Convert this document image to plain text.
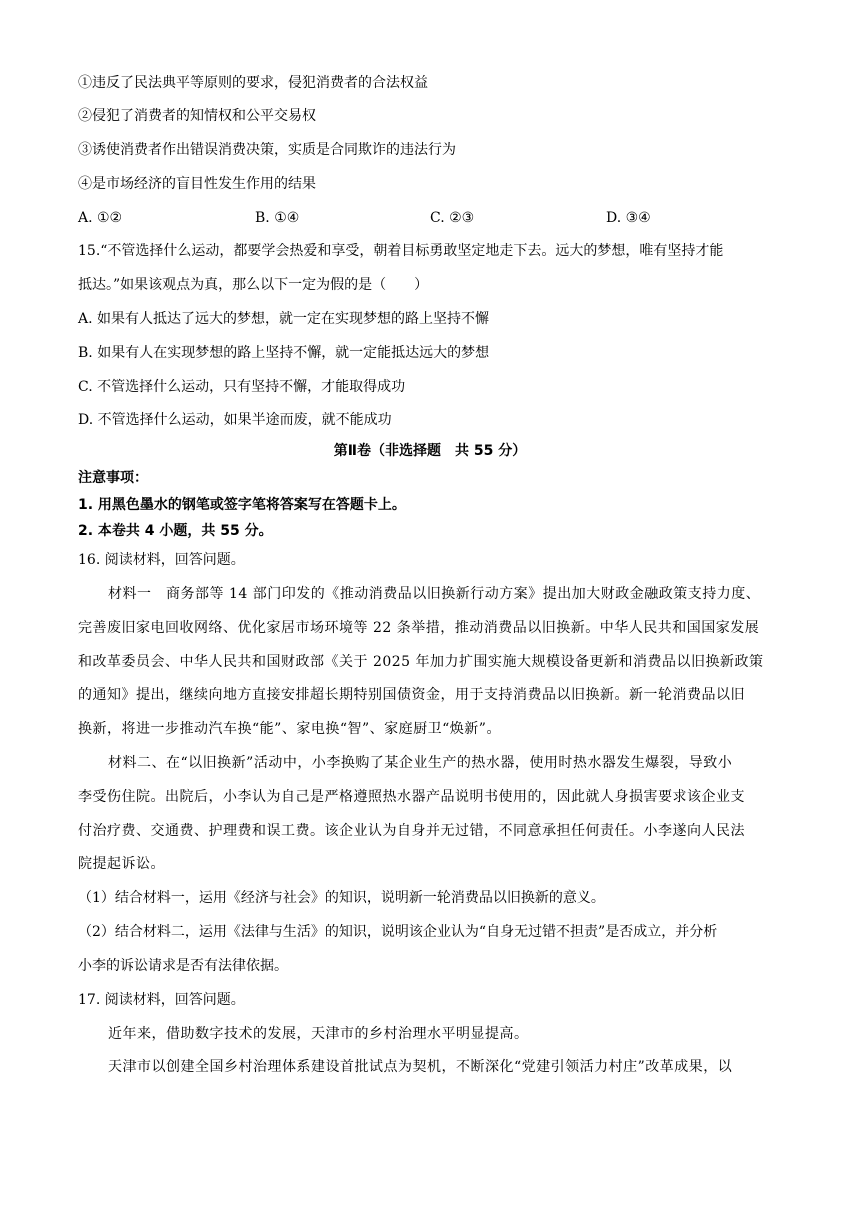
①违反了民法典平等原则的要求，侵犯消费者的合法权益
②侵犯了消费者的知情权和公平交易权
③诱使消费者作出错误消费决策，实质是合同欺诈的违法行为
④是市场经济的盲目性发生作用的结果
A. ①②	B. ①④	C. ②③	D. ③④
15.“不管选择什么运动，都要学会热爱和享受，朝着目标勇敢坚定地走下去。远大的梦想，唯有坚持才能
抵达。”如果该观点为真，那么以下一定为假的是（　　）
A. 如果有人抵达了远大的梦想，就一定在实现梦想的路上坚持不懈
B. 如果有人在实现梦想的路上坚持不懈，就一定能抵达远大的梦想
C. 不管选择什么运动，只有坚持不懈，才能取得成功
D. 不管选择什么运动，如果半途而废，就不能成功
第Ⅱ卷（非选择题　共 55 分）
注意事项：
1. 用黑色墨水的钢笔或签字笔将答案写在答题卡上。
2. 本卷共 4 小题，共 55 分。
16. 阅读材料，回答问题。
材料一　商务部等 14 部门印发的《推动消费品以旧换新行动方案》提出加大财政金融政策支持力度、
完善废旧家电回收网络、优化家居市场环境等 22 条举措，推动消费品以旧换新。中华人民共和国国家发展
和改革委员会、中华人民共和国财政部《关于 2025 年加力扩围实施大规模设备更新和消费品以旧换新政策
的通知》提出，继续向地方直接安排超长期特别国债资金，用于支持消费品以旧换新。新一轮消费品以旧
换新，将进一步推动汽车换“能”、家电换“智”、家庭厨卫“焕新”。
材料二、在“以旧换新”活动中，小李换购了某企业生产的热水器，使用时热水器发生爆裂，导致小
李受伤住院。出院后，小李认为自己是严格遵照热水器产品说明书使用的，因此就人身损害要求该企业支
付治疗费、交通费、护理费和误工费。该企业认为自身并无过错，不同意承担任何责任。小李遂向人民法
院提起诉讼。
（1）结合材料一，运用《经济与社会》的知识，说明新一轮消费品以旧换新的意义。
（2）结合材料二，运用《法律与生活》的知识，说明该企业认为“自身无过错不担责”是否成立，并分析
小李的诉讼请求是否有法律依据。
17. 阅读材料，回答问题。
近年来，借助数字技术的发展，天津市的乡村治理水平明显提高。
天津市以创建全国乡村治理体系建设首批试点为契机，不断深化“党建引领活力村庄”改革成果，以
